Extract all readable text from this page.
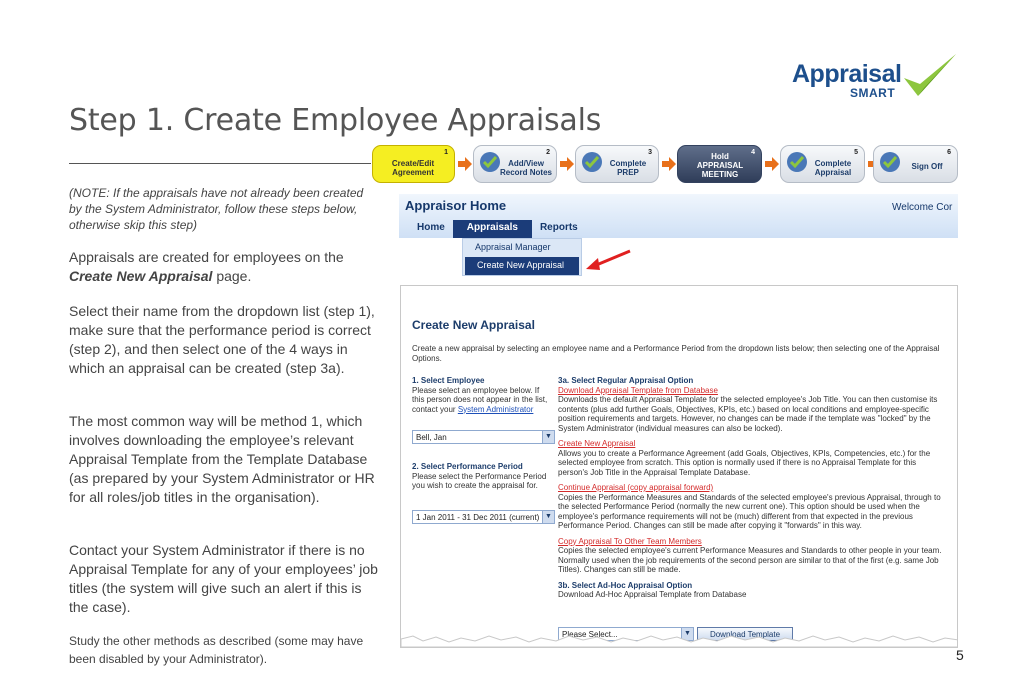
Appraisal
SMART
Step 1. Create Employee Appraisals
1
Create/Edit
Agreement
2
Add/View
Record Notes
3
Complete
PREP
4
Hold
APPRAISAL
MEETING
5
Complete
Appraisal
6
Sign Off
(NOTE: If the appraisals have not already been created by the System Administrator, follow these steps below, otherwise skip this step)
Appraisals are created for employees on the Create New Appraisal page.
Select their name from the dropdown list (step 1), make sure that the performance period is correct (step 2), and then select one of the 4 ways in which an appraisal can be created (step 3a).
The most common way will be method 1, which involves downloading the employee’s relevant Appraisal Template from the Template Database (as prepared by your System Administrator or HR for all roles/job titles in the organisation).
Contact your System Administrator if there is no Appraisal Template for any of your employees’ job titles (the system will give such an alert if this is the case).
Study the other methods as described (some may have been disabled by your Administrator).
Appraisor Home	Welcome Cor
Home	Appraisals	Reports
Appraisal Manager
Create New Appraisal
Create New Appraisal
Create a new appraisal by selecting an employee name and a Performance Period from the dropdown lists below; then selecting one of the Appraisal Options.
1. Select Employee
Please select an employee below. If this person does not appear in the list, contact your System Administrator
Bell, Jan	▼
2. Select Performance Period
Please select the Performance Period you wish to create the appraisal for.
1 Jan 2011 - 31 Dec 2011 (current) ▼
3a. Select Regular Appraisal Option
Download Appraisal Template from Database
Downloads the default Appraisal Template for the selected employee's Job Title. You can then customise its contents (plus add further Goals, Objectives, KPIs, etc.) based on local conditions and employee-specific position requirements and targets. However, no changes can be made if the template was "locked" by the System Administrator (individual measures can also be locked).
Create New Appraisal
Allows you to create a Performance Agreement (add Goals, Objectives, KPIs, Competencies, etc.) for the selected employee from scratch. This option is normally used if there is no Appraisal Template for this person's Job Title in the Appraisal Template Database.
Continue Appraisal (copy appraisal forward)
Copies the Performance Measures and Standards of the selected employee's previous Appraisal, through to the selected Performance Period (normally the new current one). This option should be used when the employee's performance requirements will not be (much) different from that expected in the previous Performance Period. Changes can still be made after copying it "forwards" in this way.
Copy Appraisal To Other Team Members
Copies the selected employee's current Performance Measures and Standards to other people in your team. Normally used when the job requirements of the second person are similar to that of the first (e.g. same Job Titles). Changes can still be made.
3b. Select Ad-Hoc Appraisal Option
Download Ad-Hoc Appraisal Template from Database
Please Select...	▼	Download Template
5
